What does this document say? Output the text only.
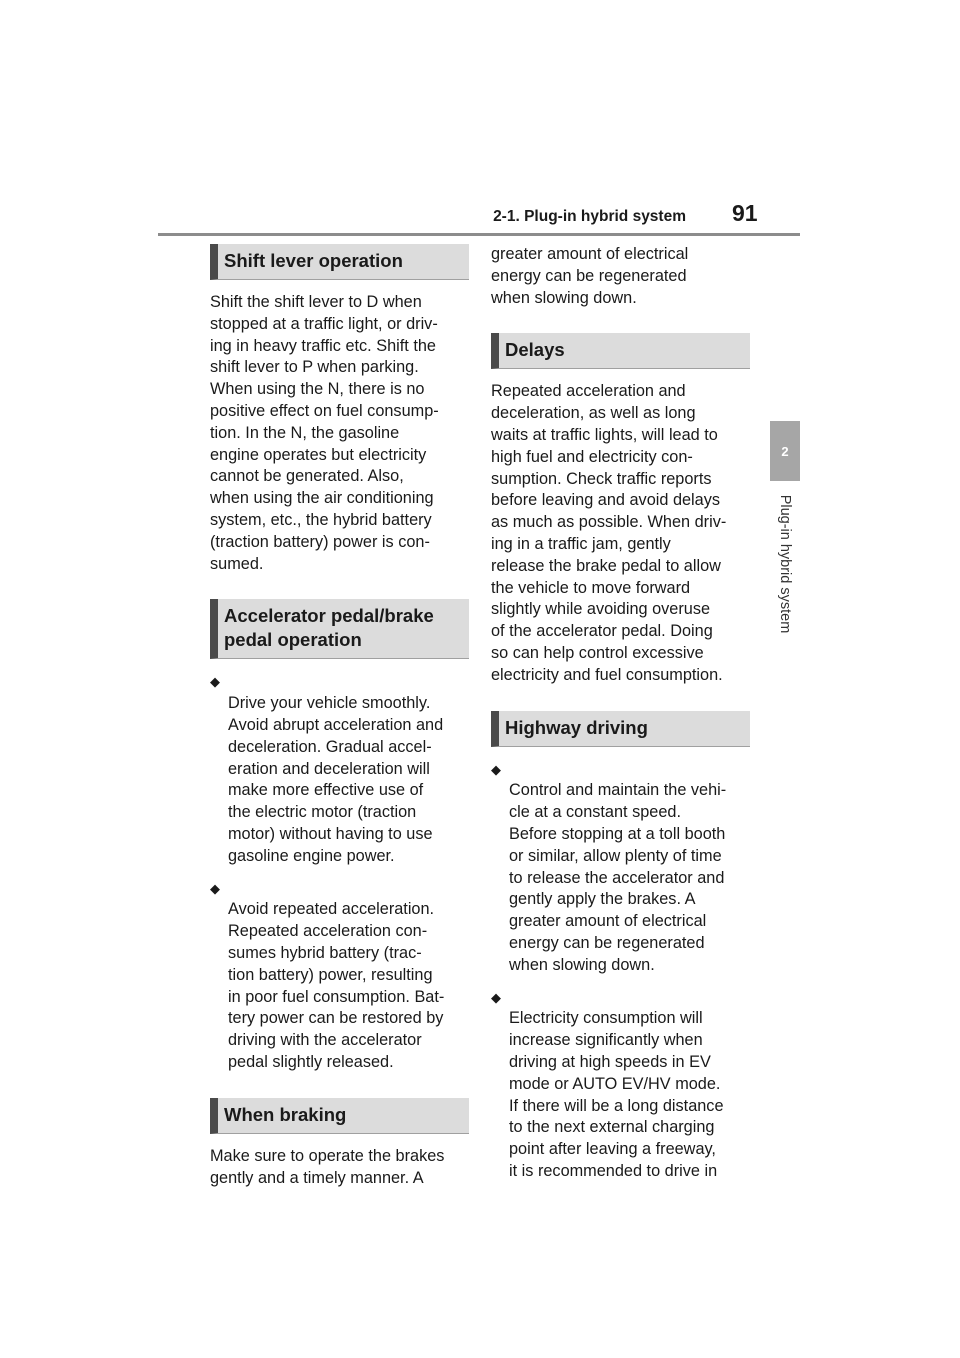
2-1. Plug-in hybrid system 91
2
Plug-in hybrid system
Shift lever operation

Shift the shift lever to D when
stopped at a traffic light, or driv-
ing in heavy traffic etc. Shift the
shift lever to P when parking.
When using the N, there is no
positive effect on fuel consump-
tion. In the N, the gasoline
engine operates but electricity
cannot be generated. Also,
when using the air conditioning
system, etc., the hybrid battery
(traction battery) power is con-
sumed.

Accelerator pedal/brake
pedal operation

◆
Drive your vehicle smoothly.
Avoid abrupt acceleration and
deceleration. Gradual accel-
eration and deceleration will
make more effective use of
the electric motor (traction
motor) without having to use
gasoline engine power.

◆
Avoid repeated acceleration.
Repeated acceleration con-
sumes hybrid battery (trac-
tion battery) power, resulting
in poor fuel consumption. Bat-
tery power can be restored by
driving with the accelerator
pedal slightly released.

When braking

Make sure to operate the brakes
gently and a timely manner. A

greater amount of electrical
energy can be regenerated
when slowing down.

Delays

Repeated acceleration and
deceleration, as well as long
waits at traffic lights, will lead to
high fuel and electricity con-
sumption. Check traffic reports
before leaving and avoid delays
as much as possible. When driv-
ing in a traffic jam, gently
release the brake pedal to allow
the vehicle to move forward
slightly while avoiding overuse
of the accelerator pedal. Doing
so can help control excessive
electricity and fuel consumption.

Highway driving

◆
Control and maintain the vehi-
cle at a constant speed.
Before stopping at a toll booth
or similar, allow plenty of time
to release the accelerator and
gently apply the brakes. A
greater amount of electrical
energy can be regenerated
when slowing down.

◆
Electricity consumption will
increase significantly when
driving at high speeds in EV
mode or AUTO EV/HV mode.
If there will be a long distance
to the next external charging
point after leaving a freeway,
it is recommended to drive in
